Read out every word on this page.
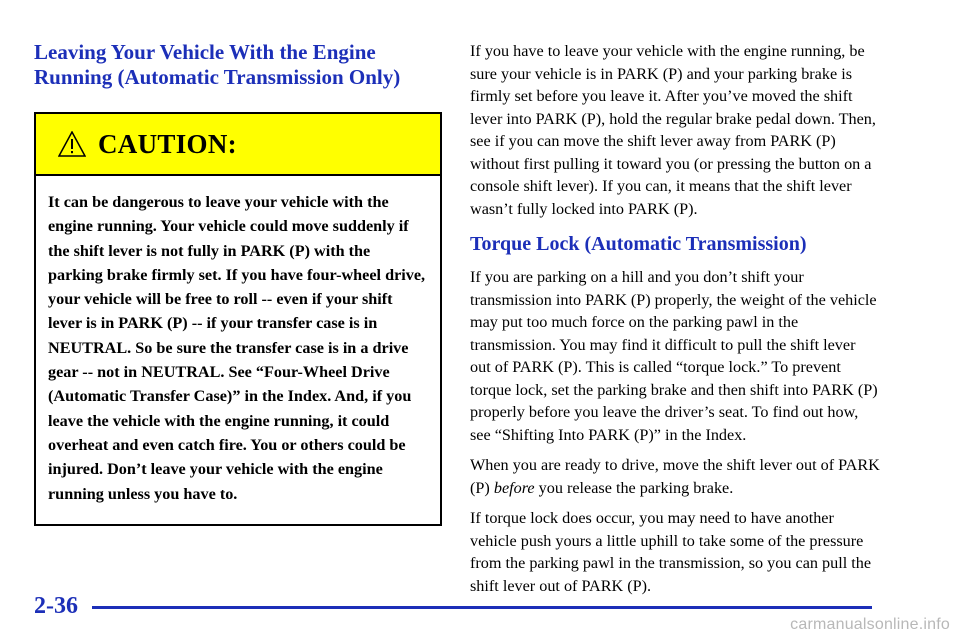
Leaving Your Vehicle With the Engine Running (Automatic Transmission Only)
CAUTION:
It can be dangerous to leave your vehicle with the engine running. Your vehicle could move suddenly if the shift lever is not fully in PARK (P) with the parking brake firmly set. If you have four-wheel drive, your vehicle will be free to roll -- even if your shift lever is in PARK (P) -- if your transfer case is in NEUTRAL. So be sure the transfer case is in a drive gear -- not in NEUTRAL. See “Four-Wheel Drive (Automatic Transfer Case)” in the Index. And, if you leave the vehicle with the engine running, it could overheat and even catch fire. You or others could be injured. Don’t leave your vehicle with the engine running unless you have to.

If you have to leave your vehicle with the engine running, be sure your vehicle is in PARK (P) and your parking brake is firmly set before you leave it. After you’ve moved the shift lever into PARK (P), hold the regular brake pedal down. Then, see if you can move the shift lever away from PARK (P) without first pulling it toward you (or pressing the button on a console shift lever). If you can, it means that the shift lever wasn’t fully locked into PARK (P).

Torque Lock (Automatic Transmission)

If you are parking on a hill and you don’t shift your transmission into PARK (P) properly, the weight of the vehicle may put too much force on the parking pawl in the transmission. You may find it difficult to pull the shift lever out of PARK (P). This is called “torque lock.” To prevent torque lock, set the parking brake and then shift into PARK (P) properly before you leave the driver’s seat. To find out how, see “Shifting Into PARK (P)” in the Index.

When you are ready to drive, move the shift lever out of PARK (P) before you release the parking brake.

If torque lock does occur, you may need to have another vehicle push yours a little uphill to take some of the pressure from the parking pawl in the transmission, so you can pull the shift lever out of PARK (P).

2-36
carmanualsonline.info
